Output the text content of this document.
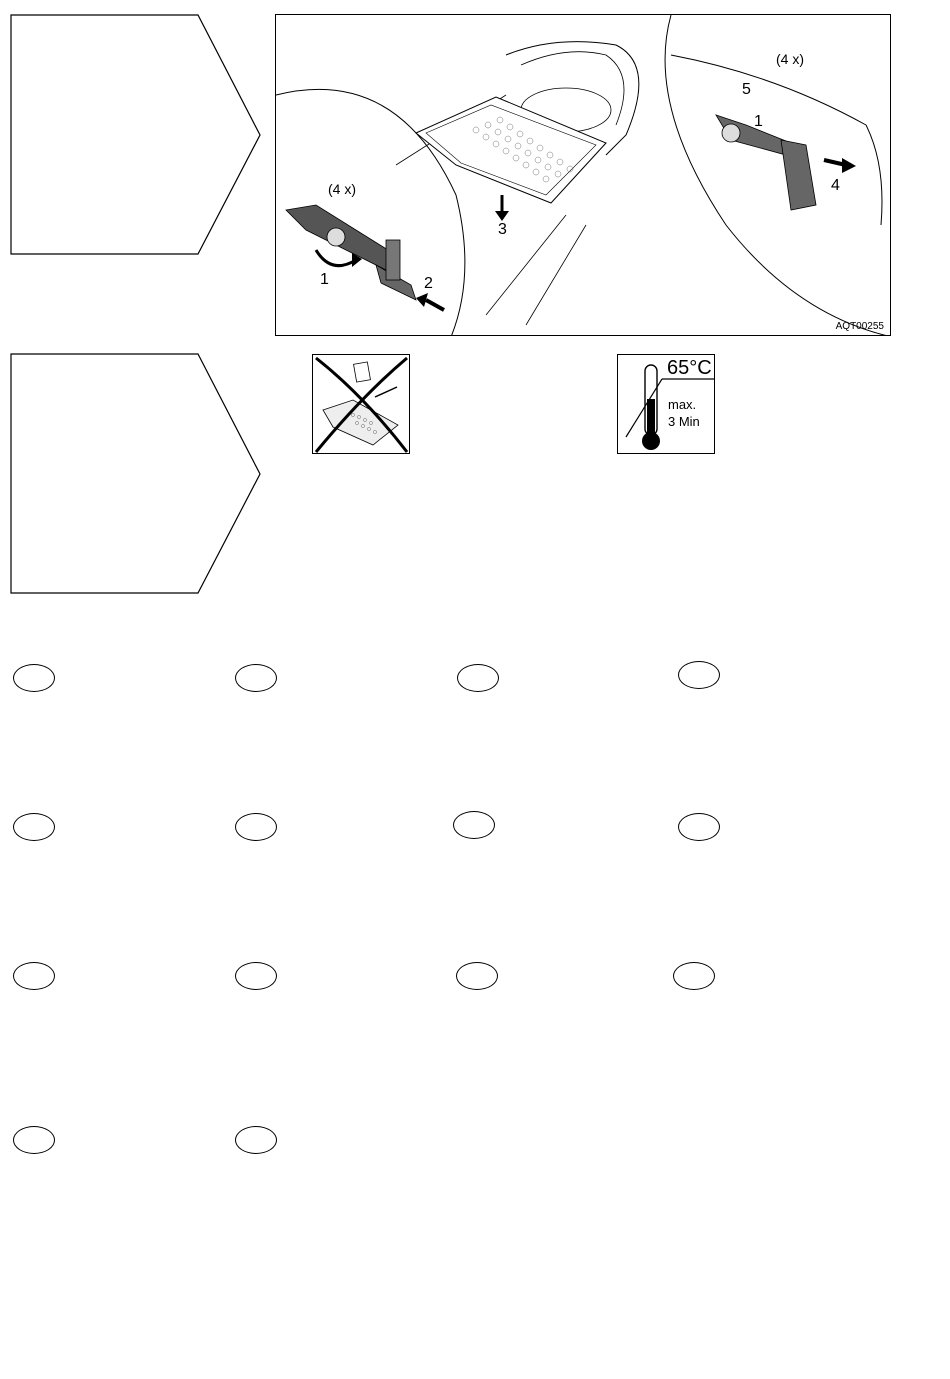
(4 x)
(4 x)
1	2
3
4
5
1
AQT00255
65°C
max.
3 Min
